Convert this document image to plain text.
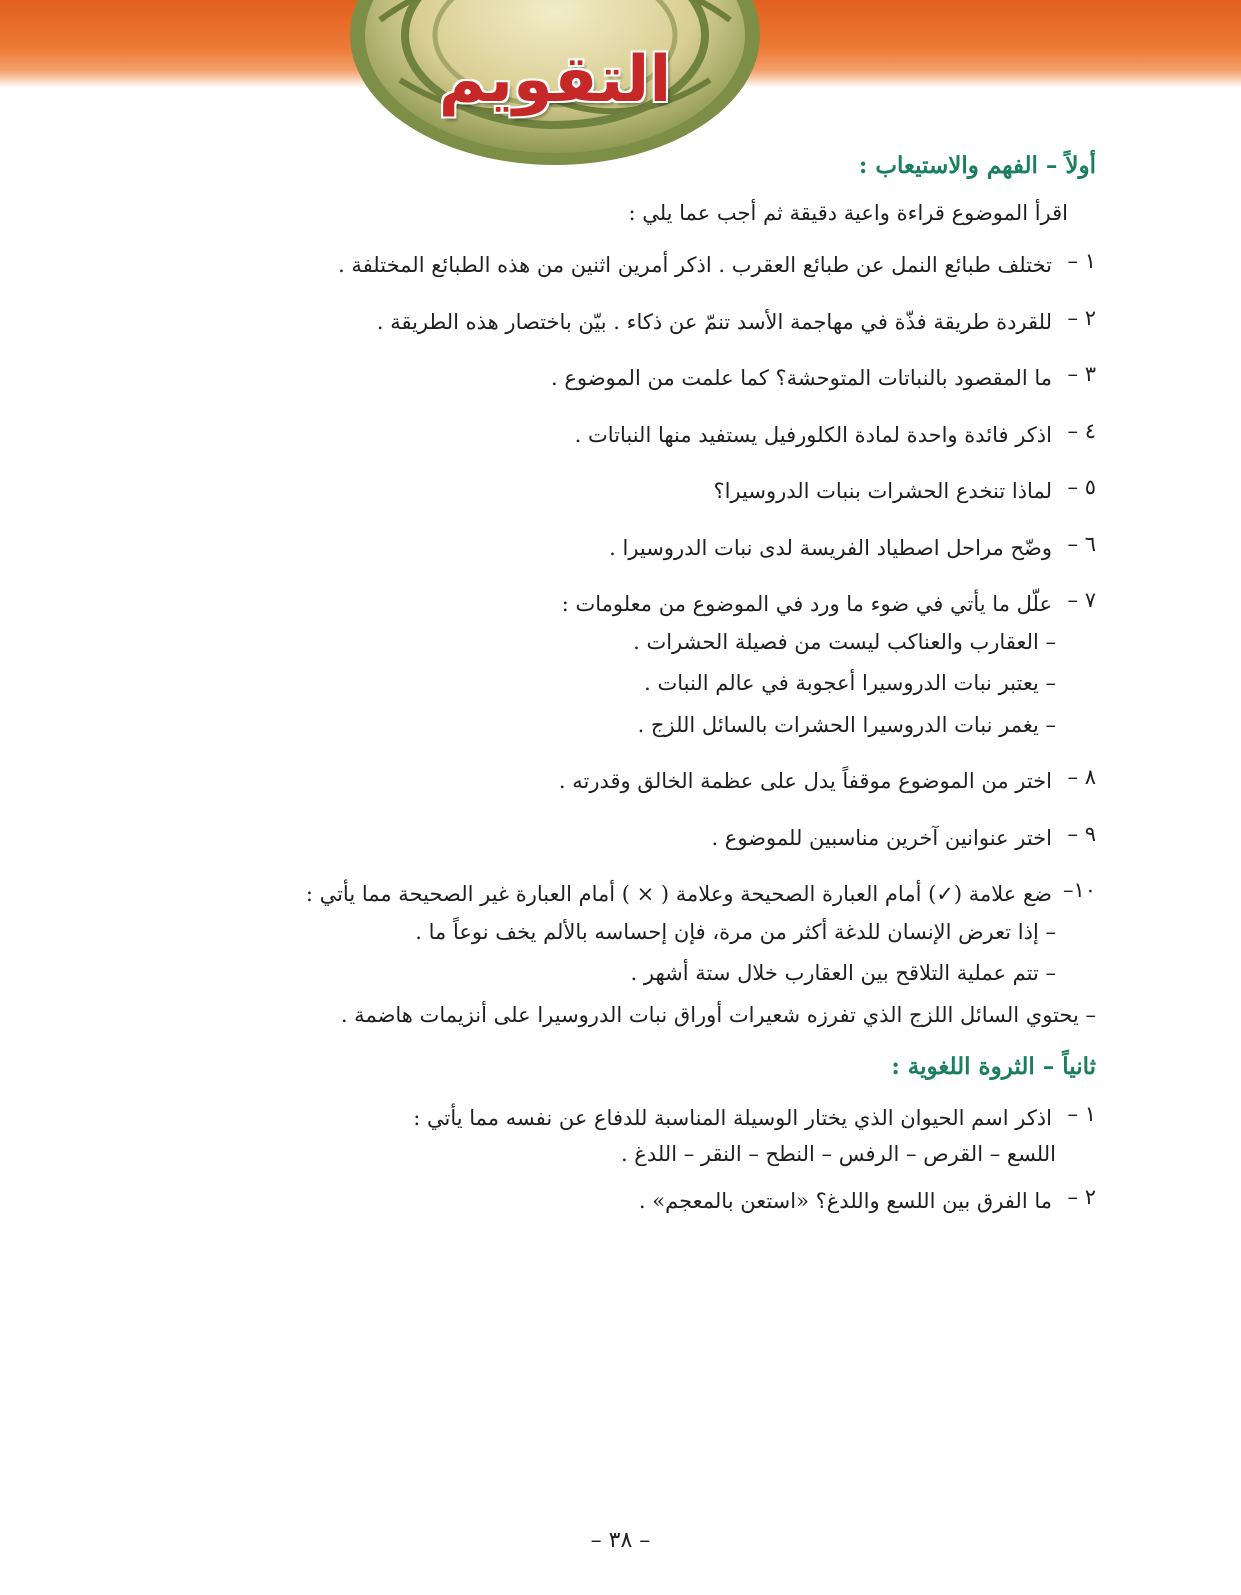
التقويم
أولاً – الفهم والاستيعاب :
اقرأ الموضوع قراءة واعية دقيقة ثم أجب عما يلي :
١ –
تختلف طبائع النمل عن طبائع العقرب . اذكر أمرين اثنين من هذه الطبائع المختلفة .
٢ –
للقردة طريقة فذّة في مهاجمة الأسد تنمّ عن ذكاء . بيّن باختصار هذه الطريقة .
٣ –
ما المقصود بالنباتات المتوحشة؟ كما علمت من الموضوع .
٤ –
اذكر فائدة واحدة لمادة الكلورفيل يستفيد منها النباتات .
٥ –
لماذا تنخدع الحشرات بنبات الدروسيرا؟
٦ –
وضّح مراحل اصطياد الفريسة لدى نبات الدروسيرا .
٧ –
علّل ما يأتي في ضوء ما ورد في الموضوع من معلومات :
– العقارب والعناكب ليست من فصيلة الحشرات .
– يعتبر نبات الدروسيرا أعجوبة في عالم النبات .
– يغمر نبات الدروسيرا الحشرات بالسائل اللزج .
٨ –
اختر من الموضوع موقفاً يدل على عظمة الخالق وقدرته .
٩ –
اختر عنوانين آخرين مناسبين للموضوع .
١٠–
ضع علامة (✓) أمام العبارة الصحيحة وعلامة ( × ) أمام العبارة غير الصحيحة مما يأتي :
– إذا تعرض الإنسان للدغة أكثر من مرة، فإن إحساسه بالألم يخف نوعاً ما .
– تتم عملية التلاقح بين العقارب خلال ستة أشهر .
– يحتوي السائل اللزج الذي تفرزه شعيرات أوراق نبات الدروسيرا على أنزيمات هاضمة .
ثانياً – الثروة اللغوية :
١ –
اذكر اسم الحيوان الذي يختار الوسيلة المناسبة للدفاع عن نفسه مما يأتي :
اللسع – القرص – الرفس – النطح – النقر – اللدغ .
٢ –
ما الفرق بين اللسع واللدغ؟ «استعن بالمعجم» .
– ٣٨ –
